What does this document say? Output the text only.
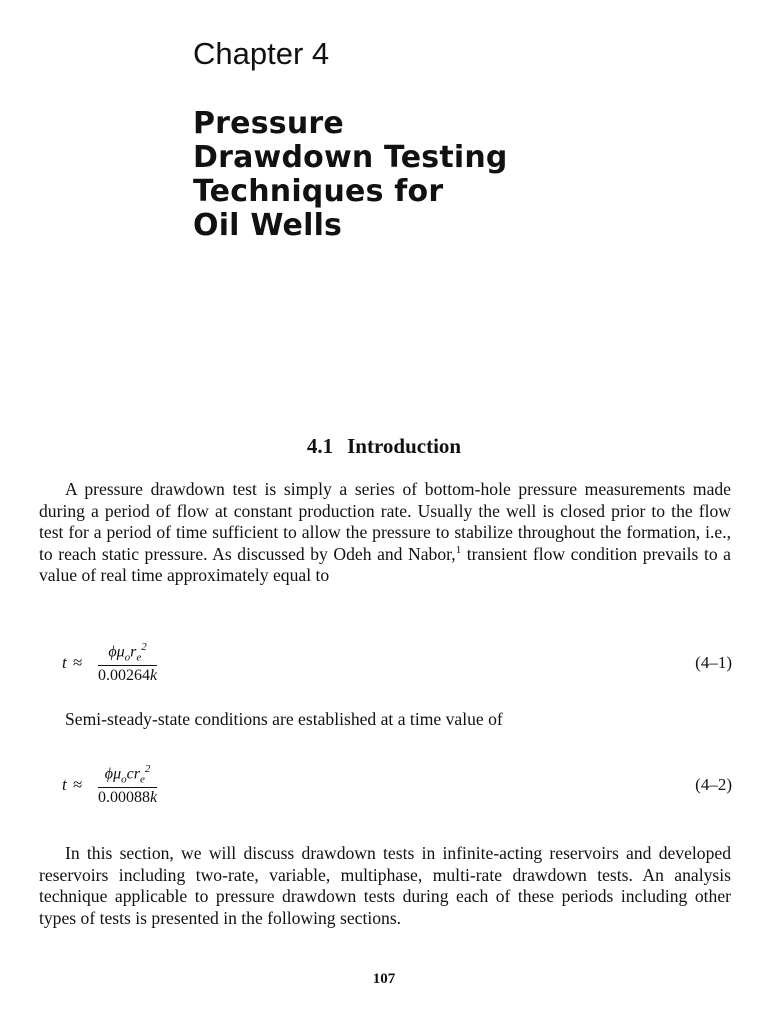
Chapter 4
Pressure
Drawdown Testing
Techniques for
Oil Wells
4.1 Introduction

A pressure drawdown test is simply a series of bottom-hole pressure measurements made during a period of flow at constant production rate. Usually the well is closed prior to the flow test for a period of time sufficient to allow the pressure to stabilize throughout the formation, i.e., to reach static pressure. As discussed by Odeh and Nabor,$^1$ transient flow condition prevails to a value of real time approximately equal to

t ≈
$\phi\mu_or_e^2$
0.00264k
(4–1)

Semi-steady-state conditions are established at a time value of

t ≈
$\phi\mu_ocr_e^2$
0.00088k
(4–2)

In this section, we will discuss drawdown tests in infinite-acting reservoirs and developed reservoirs including two-rate, variable, multiphase, multi-rate drawdown tests. An analysis technique applicable to pressure drawdown tests during each of these periods including other types of tests is presented in the following sections.

107
